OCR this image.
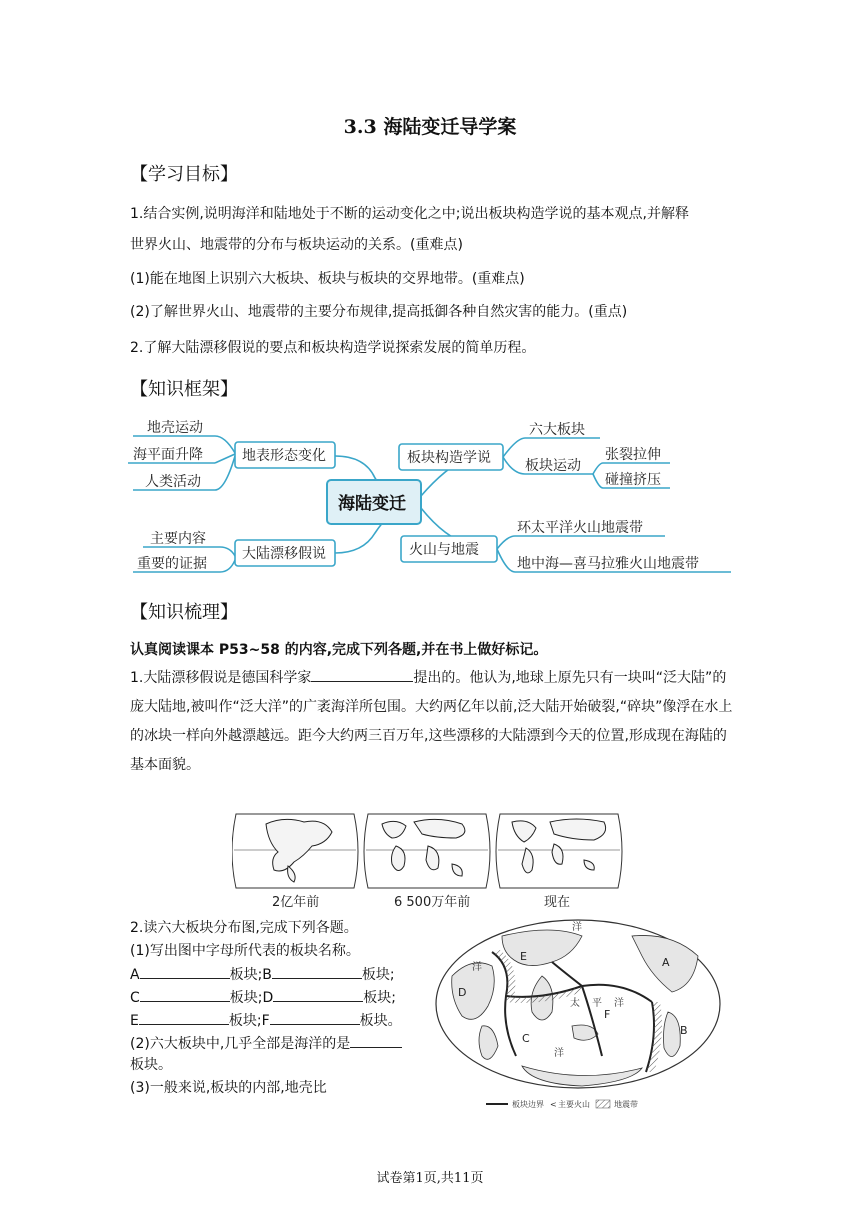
3.3 海陆变迁导学案
【学习目标】
1.结合实例,说明海洋和陆地处于不断的运动变化之中;说出板块构造学说的基本观点,并解释
世界火山、地震带的分布与板块运动的关系。(重难点)
(1)能在地图上识别六大板块、板块与板块的交界地带。(重难点)
(2)了解世界火山、地震带的主要分布规律,提高抵御各种自然灾害的能力。(重点)
2.了解大陆漂移假说的要点和板块构造学说探索发展的简单历程。
【知识框架】
地壳运动
海平面升降
人类活动
地表形态变化
主要内容
重要的证据
大陆漂移假说
板块构造学说
六大板块
板块运动
张裂拉伸
碰撞挤压
火山与地震
环太平洋火山地震带
地中海—喜马拉雅火山地震带
海陆变迁
【知识梳理】
认真阅读课本 P53~58 的内容,完成下列各题,并在书上做好标记。
1.大陆漂移假说是德国科学家	提出的。他认为,地球上原先只有一块叫“泛大陆”的庞大陆地,被叫作“泛大洋”的广袤海洋所包围。大约两亿年以前,泛大陆开始破裂,“碎块”像浮在水上的冰块一样向外越漂越远。距今大约两三百万年,这些漂移的大陆漂到今天的位置,形成现在海陆的基本面貌。
2亿年前	6 500万年前	现在
2.读六大板块分布图,完成下列各题。
(1)写出图中字母所代表的板块名称。
A	板块;B	板块;
C	板块;D	板块;
E	板块;F	板块。
(2)六大板块中,几乎全部是海洋的是
板块。
(3)一般来说,板块的内部,地壳比
A
B
C
D
E
F
洋
洋
太 平 洋
洋
板块边界 < 主要火山	地震带
试卷第1页,共11页
